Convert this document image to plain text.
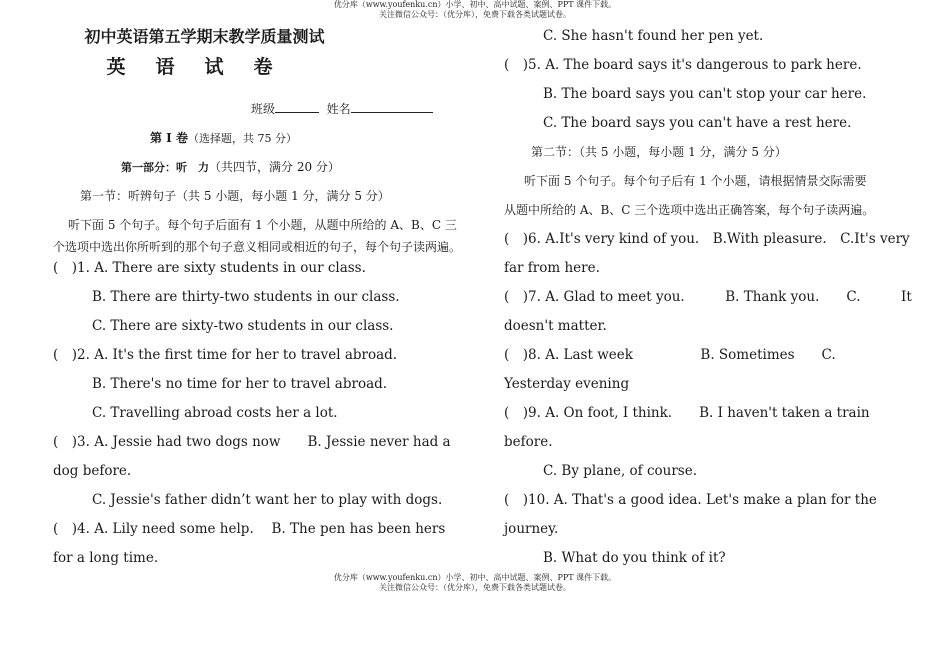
优分库（www.youfenku.cn）小学、初中、高中试题、案例、PPT 课件下载。
关注微信公众号：（优分库），免费下载各类试题试卷。
初中英语第五学期末教学质量测试
英语试卷
班级	姓名
第 Ⅰ 卷（选择题，共 75 分）
第一部分：听　力（共四节，满分 20 分）
第一节：听辨句子（共 5 小题，每小题 1 分，满分 5 分）
听下面 5 个句子。每个句子后面有 1 个小题，从题中所给的 A、B、C 三
个选项中选出你所听到的那个句子意义相同或相近的句子，每个句子读两遍。
(　)1. A. There are sixty students in our class.
B. There are thirty-two students in our class.
C. There are sixty-two students in our class.
(　)2. A. It's the first time for her to travel abroad.
B. There's no time for her to travel abroad.
C. Travelling abroad costs her a lot.
(　)3. A. Jessie had two dogs now　　B. Jessie never had a
dog before.
C. Jessie's father didn’t want her to play with dogs.
(　)4. A. Lily need some help.　 B. The pen has been hers
for a long time.
C. She hasn't found her pen yet.
(　)5. A. The board says it's dangerous to park here.
B. The board says you can't stop your car here.
C. The board says you can't have a rest here.
第二节：（共 5 小题，每小题 1 分，满分 5 分）
听下面 5 个句子。每个句子后有 1 个小题，请根据情景交际需要
从题中所给的 A、B、C 三个选项中选出正确答案，每个句子读两遍。
(　)6. A.It's very kind of you.　B.With pleasure.　C.It's very
far from here.
(　)7. A. Glad to meet you.　　　B. Thank you.　　C.　　　It
doesn't matter.
(　)8. A. Last week　　　　　B. Sometimes　　C.
Yesterday evening
(　)9. A. On foot, I think.　　B. I haven't taken a train
before.
C. By plane, of course.
(　)10. A. That's a good idea. Let's make a plan for the
journey.
B. What do you think of it?
优分库（www.youfenku.cn）小学、初中、高中试题、案例、PPT 课件下载。
关注微信公众号：（优分库），免费下载各类试题试卷。
